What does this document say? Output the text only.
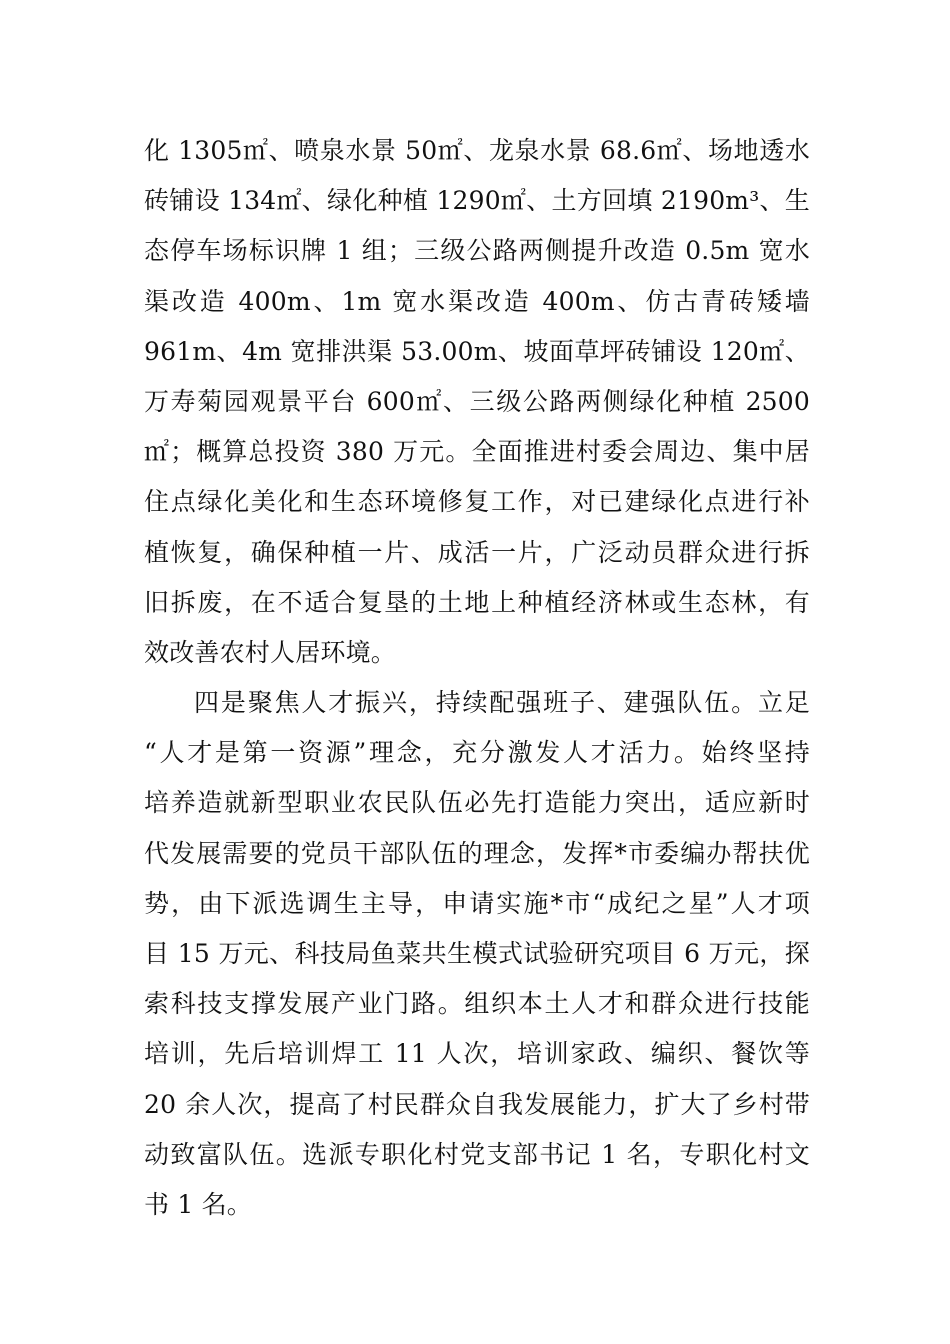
化 1305㎡、喷泉水景 50㎡、龙泉水景 68.6㎡、场地透水
砖铺设 134㎡、绿化种植 1290㎡、土方回填 2190m³、生
态停车场标识牌 1 组；三级公路两侧提升改造 0.5m 宽水
渠改造 400m、1m 宽水渠改造 400m、仿古青砖矮墙
961m、4m 宽排洪渠 53.00m、坡面草坪砖铺设 120㎡、
万寿菊园观景平台 600㎡、三级公路两侧绿化种植 2500
㎡；概算总投资 380 万元。全面推进村委会周边、集中居
住点绿化美化和生态环境修复工作，对已建绿化点进行补
植恢复，确保种植一片、成活一片，广泛动员群众进行拆
旧拆废，在不适合复垦的土地上种植经济林或生态林，有
效改善农村人居环境。
四是聚焦人才振兴，持续配强班子、建强队伍。立足
“人才是第一资源”理念，充分激发人才活力。始终坚持
培养造就新型职业农民队伍必先打造能力突出，适应新时
代发展需要的党员干部队伍的理念，发挥*市委编办帮扶优
势，由下派选调生主导，申请实施*市“成纪之星”人才项
目 15 万元、科技局鱼菜共生模式试验研究项目 6 万元，探
索科技支撑发展产业门路。组织本土人才和群众进行技能
培训，先后培训焊工 11 人次，培训家政、编织、餐饮等
20 余人次，提高了村民群众自我发展能力，扩大了乡村带
动致富队伍。选派专职化村党支部书记 1 名，专职化村文
书 1 名。
